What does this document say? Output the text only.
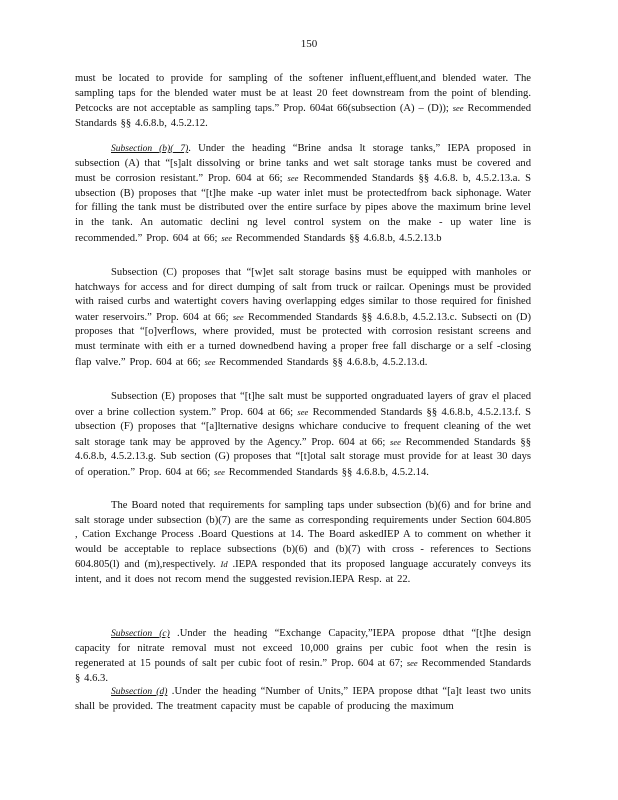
150

must be located to provide for sampling of the softener influent,effluent,and blended water. The sampling taps for the blended water must be at least 20 feet downstream from the point of blending. Petcocks are not acceptable as sampling taps.” Prop. 604at 66(subsection (A) – (D)); see Recommended Standards §§ 4.6.8.b, 4.5.2.12.

Subsection (b)( 7). Under the heading “Brine andsa lt storage tanks,” IEPA proposed in subsection (A) that “[s]alt dissolving or brine tanks and wet salt storage tanks must be covered and must be corrosion resistant.” Prop. 604 at 66; see Recommended Standards §§ 4.6.8. b, 4.5.2.13.a. S ubsection (B) proposes that “[t]he make -up water inlet must be protectedfrom back siphonage. Water for filling the tank must be distributed over the entire surface by pipes above the maximum brine level in the tank. An automatic declini ng level control system on the make - up water line is recommended.” Prop. 604 at 66; see Recommended Standards §§ 4.6.8.b, 4.5.2.13.b

Subsection (C) proposes that “[w]et salt storage basins must be equipped with manholes or hatchways for access and for direct dumping of salt from truck or railcar. Openings must be provided with raised curbs and watertight covers having overlapping edges similar to those required for finished water reservoirs.” Prop. 604 at 66; see Recommended Standards §§ 4.6.8.b, 4.5.2.13.c. Subsecti on (D) proposes that “[o]verflows, where provided, must be protected with corrosion resistant screens and must terminate with eith er a turned downedbend having a proper free fall discharge or a self -closing flap valve.” Prop. 604 at 66; see Recommended Standards §§ 4.6.8.b, 4.5.2.13.d.

Subsection (E) proposes that “[t]he salt must be supported ongraduated layers of grav el placed over a brine collection system.” Prop. 604 at 66; see Recommended Standards §§ 4.6.8.b, 4.5.2.13.f. S ubsection (F) proposes that “[a]lternative designs whichare conducive to frequent cleaning of the wet salt storage tank may be approved by the Agency.” Prop. 604 at 66; see Recommended Standards §§ 4.6.8.b, 4.5.2.13.g. Sub section (G) proposes that “[t]otal salt storage must provide for at least 30 days of operation.” Prop. 604 at 66; see Recommended Standards §§ 4.6.8.b, 4.5.2.14.

The Board noted that requirements for sampling taps under subsection (b)(6) and for brine and salt storage under subsection (b)(7) are the same as corresponding requirements under Section 604.805 , Cation Exchange Process .Board Questions at 14. The Board askedIEP A to comment on whether it would be acceptable to replace subsections (b)(6) and (b)(7) with cross - references to Sections 604.805(l) and (m),respectively. Id .IEPA responded that its proposed language accurately conveys its intent, and it does not recom mend the suggested revision.IEPA Resp. at 22.

Subsection (c) .Under the heading “Exchange Capacity,”IEPA propose dthat “[t]he design capacity for nitrate removal must not exceed 10,000 grains per cubic foot when the resin is regenerated at 15 pounds of salt per cubic foot of resin.” Prop. 604 at 67; see Recommended Standards § 4.6.3.

Subsection (d) .Under the heading “Number of Units,” IEPA propose dthat “[a]t least two units shall be provided. The treatment capacity must be capable of producing the maximum
